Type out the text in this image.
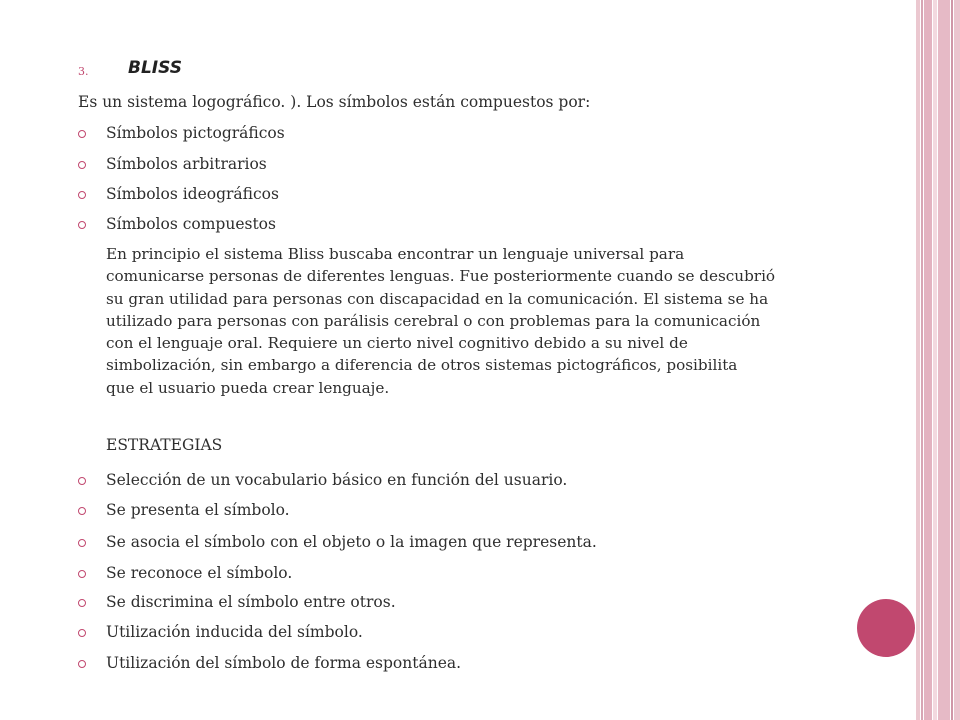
3. BLISS
Es un sistema logográfico. ). Los símbolos están compuestos por:
Símbolos pictográficos
Símbolos arbitrarios
Símbolos ideográficos
Símbolos compuestos
En principio el sistema Bliss buscaba encontrar un lenguaje universal para
comunicarse personas de diferentes lenguas. Fue posteriormente cuando se descubrió
su gran utilidad para personas con discapacidad en la comunicación. El sistema se ha
utilizado para personas con parálisis cerebral o con problemas para la comunicación
con el lenguaje oral. Requiere un cierto nivel cognitivo debido a su nivel de
simbolización, sin embargo a diferencia de otros sistemas pictográficos, posibilita
que el usuario pueda crear lenguaje.
ESTRATEGIAS
Selección de un vocabulario básico en función del usuario.
Se presenta el símbolo.
Se asocia el símbolo con el objeto o la imagen que representa.
Se reconoce el símbolo.
Se discrimina el símbolo entre otros.
Utilización inducida del símbolo.
Utilización del símbolo de forma espontánea.
